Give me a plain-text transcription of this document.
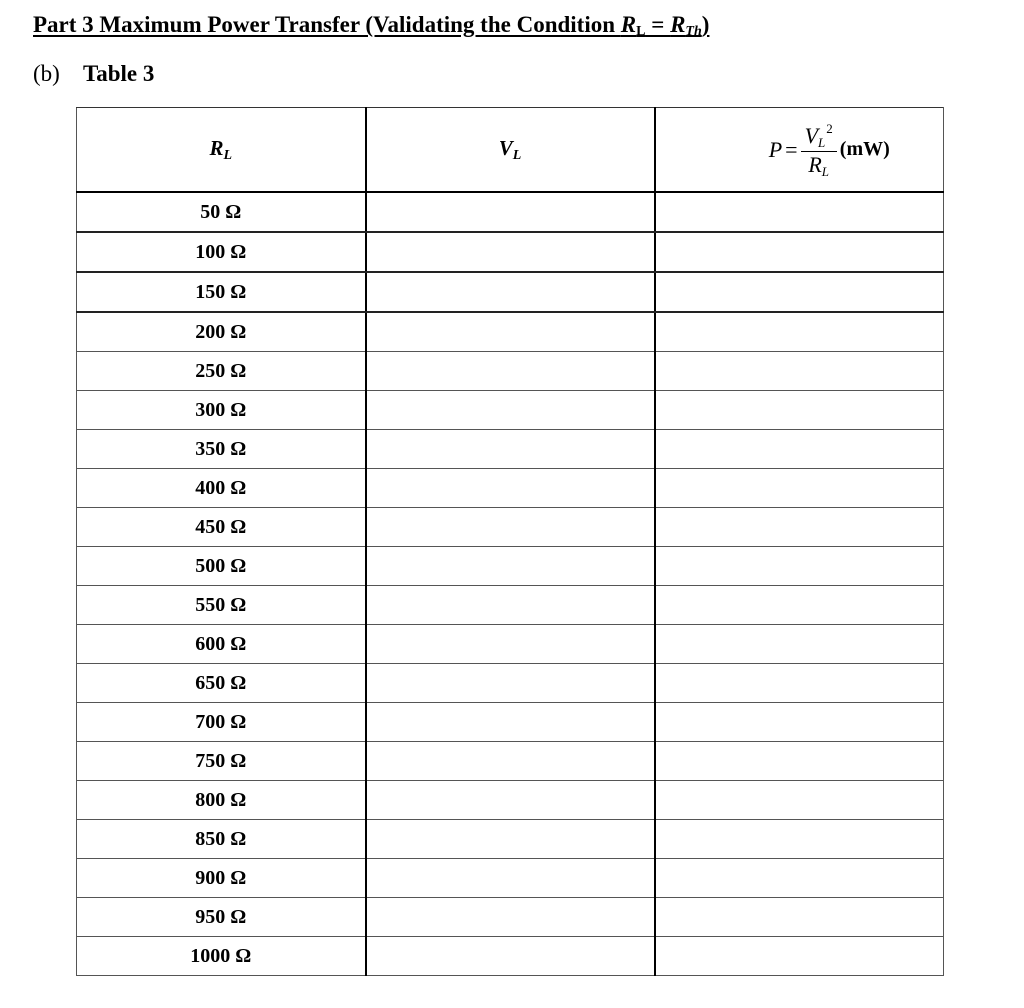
Part 3 Maximum Power Transfer (Validating the Condition $R_L = R_{Th}$)
(b) Table 3
RL	VL	$P = \frac{V_L^2}{R_L} (mW)$

50 Ω		
100 Ω		
150 Ω		
200 Ω		
250 Ω		
300 Ω		
350 Ω		
400 Ω		
450 Ω		
500 Ω		
550 Ω		
600 Ω		
650 Ω		
700 Ω		
750 Ω		
800 Ω		
850 Ω		
900 Ω		
950 Ω		
1000 Ω		
